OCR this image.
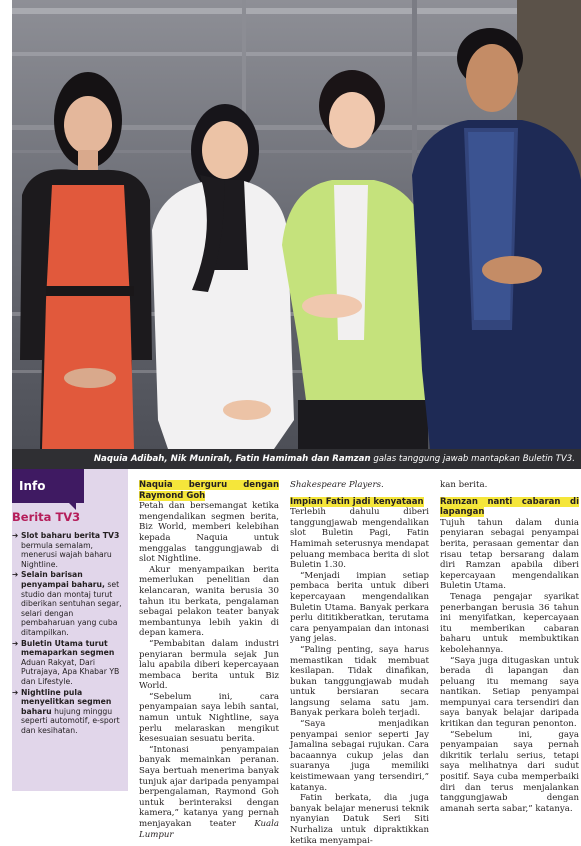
Naquia Adibah, Nik Munirah, Fatin Hamimah dan Ramzan galas tanggung jawab mantapkan Buletin TV3.
Info
Berita TV3
➔ Slot baharu berita TV3 bermula semalam, menerusi wajah baharu Nightline.
➔ Selain barisan penyampai baharu, set studio dan montaj turut diberikan sentuhan segar, selari dengan pembaharuan yang cuba ditampilkan.
➔ Buletin Utama turut memaparkan segmen Aduan Rakyat, Dari Putrajaya, Apa Khabar YB dan Lifestyle.
➔ Nightline pula menyelitkan segmen baharu hujung minggu seperti automotif, e-sport dan kesihatan.
Naquia berguru dengan Raymond Goh

Petah dan bersemangat ketika mengendalikan segmen berita, Biz World, memberi kelebihan kepada Naquia untuk menggalas tanggungjawab di slot Nightline.

Akur menyampaikan berita memerlukan penelitian dan kelancaran, wanita berusia 30 tahun itu berkata, pengalaman sebagai pelakon teater banyak membantunya lebih yakin di depan kamera.

“Pembabitan dalam industri penyiaran bermula sejak Jun lalu apabila diberi kepercayaan membaca berita untuk Biz World.

“Sebelum ini, cara penyampaian saya lebih santai, namun untuk Nightline, saya perlu melaraskan mengikut kesesuaian sesuatu berita.

“Intonasi penyampaian banyak memainkan peranan. Saya bertuah menerima banyak tunjuk ajar daripada penyampai berpengalaman, Raymond Goh untuk berinteraksi dengan kamera,” katanya yang pernah menjayakan teater Kuala Lumpur

Shakespeare Players.

Impian Fatin jadi kenyataan

Terlebih dahulu diberi tanggungjawab mengendalikan slot Buletin Pagi, Fatin Hamimah seterusnya mendapat peluang membaca berita di slot Buletin 1.30.

“Menjadi impian setiap pembaca berita untuk diberi kepercayaan mengendalikan Buletin Utama. Banyak perkara perlu dititikberatkan, terutama cara penyampaian dan intonasi yang jelas.

“Paling penting, saya harus memastikan tidak membuat kesilapan. Tidak dinafikan, bukan tanggungjawab mudah untuk bersiaran secara langsung selama satu jam. Banyak perkara boleh terjadi.

“Saya menjadikan penyampai senior seperti Jay Jamalina sebagai rujukan. Cara bacaannya cukup jelas dan suaranya juga memiliki keistimewaan yang tersendiri,” katanya.

Fatin berkata, dia juga banyak belajar menerusi teknik nyanyian Datuk Seri Siti Nurhaliza untuk dipraktikkan ketika menyampai-

kan berita.

Ramzan nanti cabaran di lapangan

Tujuh tahun dalam dunia penyiaran sebagai penyampai berita, perasaan gementar dan risau tetap bersarang dalam diri Ramzan apabila diberi kepercayaan mengendalikan Buletin Utama.

Tenaga pengajar syarikat penerbangan berusia 36 tahun ini menyifatkan, kepercayaan itu memberikan cabaran baharu untuk membuktikan kebolehannya.

“Saya juga ditugaskan untuk berada di lapangan dan peluang itu memang saya nantikan. Setiap penyampai mempunyai cara tersendiri dan saya banyak belajar daripada kritikan dan teguran penonton.

“Sebelum ini, gaya penyampaian saya pernah dikritik terlalu serius, tetapi saya melihatnya dari sudut positif. Saya cuba memperbaiki diri dan terus menjalankan tanggungjawab dengan amanah serta sabar,” katanya.
